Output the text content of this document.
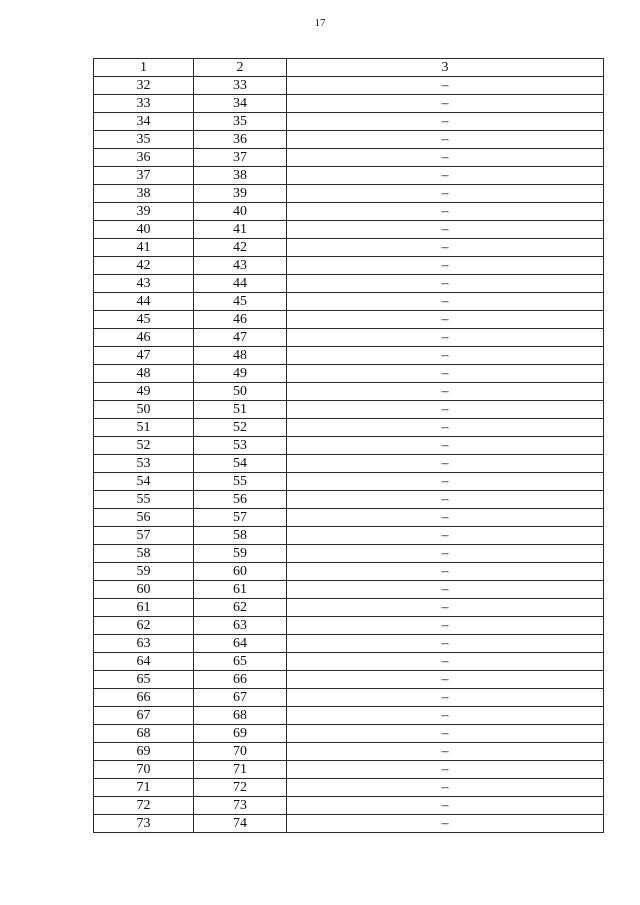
17
1	2	3
32	33	–
33	34	–
34	35	–
35	36	–
36	37	–
37	38	–
38	39	–
39	40	–
40	41	–
41	42	–
42	43	–
43	44	–
44	45	–
45	46	–
46	47	–
47	48	–
48	49	–
49	50	–
50	51	–
51	52	–
52	53	–
53	54	–
54	55	–
55	56	–
56	57	–
57	58	–
58	59	–
59	60	–
60	61	–
61	62	–
62	63	–
63	64	–
64	65	–
65	66	–
66	67	–
67	68	–
68	69	–
69	70	–
70	71	–
71	72	–
72	73	–
73	74	–
